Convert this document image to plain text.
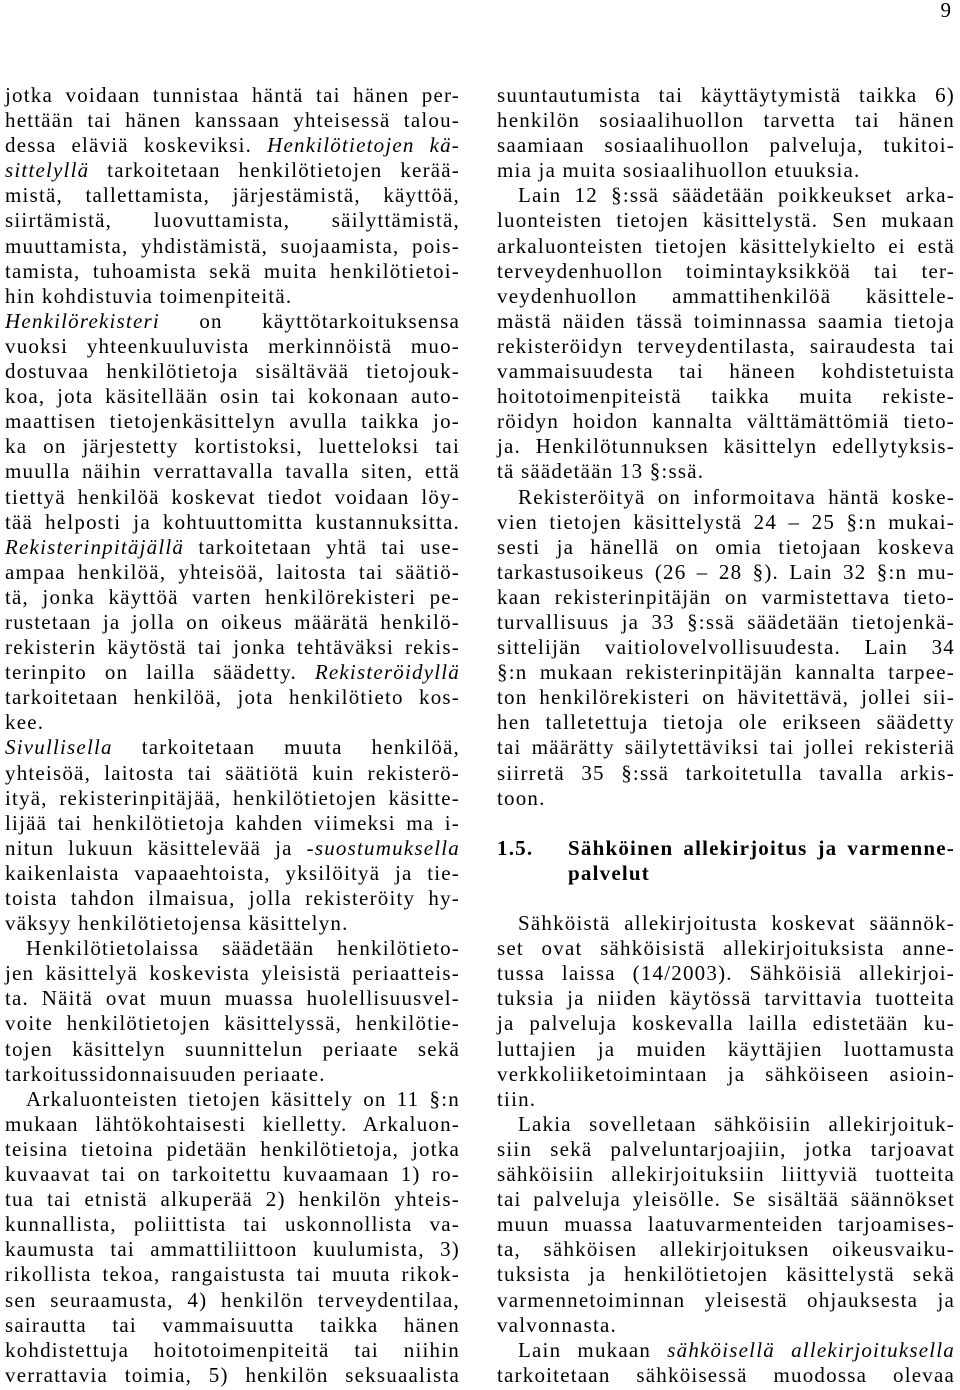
9
jotka voidaan tunnistaa häntä tai hänen per-
hettään tai hänen kanssaan yhteisessä talou-
dessa eläviä koskeviksi. Henkilötietojen kä-
sittelyllä tarkoitetaan henkilötietojen kerää-
mistä, tallettamista, järjestämistä, käyttöä,
siirtämistä, luovuttamista, säilyttämistä,
muuttamista, yhdistämistä, suojaamista, pois-
tamista, tuhoamista sekä muita henkilötietoi-
hin kohdistuvia toimenpiteitä.
Henkilörekisteri on käyttötarkoituksensa
vuoksi yhteenkuuluvista merkinnöistä muo-
dostuvaa henkilötietoja sisältävää tietojouk-
koa, jota käsitellään osin tai kokonaan auto-
maattisen tietojenkäsittelyn avulla taikka jo-
ka on järjestetty kortistoksi, luetteloksi tai
muulla näihin verrattavalla tavalla siten, että
tiettyä henkilöä koskevat tiedot voidaan löy-
tää helposti ja kohtuuttomitta kustannuksitta.
Rekisterinpitäjällä tarkoitetaan yhtä tai use-
ampaa henkilöä, yhteisöä, laitosta tai säätiö-
tä, jonka käyttöä varten henkilörekisteri pe-
rustetaan ja jolla on oikeus määrätä henkilö-
rekisterin käytöstä tai jonka tehtäväksi rekis-
terinpito on lailla säädetty. Rekisteröidyllä
tarkoitetaan henkilöä, jota henkilötieto kos-
kee.
Sivullisella tarkoitetaan muuta henkilöä,
yhteisöä, laitosta tai säätiötä kuin rekisterö-
ityä, rekisterinpitäjää, henkilötietojen käsitte-
lijää tai henkilötietoja kahden viimeksi ma i-
nitun lukuun käsittelevää ja -suostumuksella
kaikenlaista vapaaehtoista, yksilöityä ja tie-
toista tahdon ilmaisua, jolla rekisteröity hy-
väksyy henkilötietojensa käsittelyn.
Henkilötietolaissa säädetään henkilötieto-
jen käsittelyä koskevista yleisistä periaatteis-
ta. Näitä ovat muun muassa huolellisuusvel-
voite henkilötietojen käsittelyssä, henkilötie-
tojen käsittelyn suunnittelun periaate sekä
tarkoitussidonnaisuuden periaate.
Arkaluonteisten tietojen käsittely on 11 §:n
mukaan lähtökohtaisesti kielletty. Arkaluon-
teisina tietoina pidetään henkilötietoja, jotka
kuvaavat tai on tarkoitettu kuvaamaan 1) ro-
tua tai etnistä alkuperää 2) henkilön yhteis-
kunnallista, poliittista tai uskonnollista va-
kaumusta tai ammattiliittoon kuulumista, 3)
rikollista tekoa, rangaistusta tai muuta rikok-
sen seuraamusta, 4) henkilön terveydentilaa,
sairautta tai vammaisuutta taikka hänen
kohdistettuja hoitotoimenpiteitä tai niihin
verrattavia toimia, 5) henkilön seksuaalista
suuntautumista tai käyttäytymistä taikka 6)
henkilön sosiaalihuollon tarvetta tai hänen
saamiaan sosiaalihuollon palveluja, tukitoi-
mia ja muita sosiaalihuollon etuuksia.
Lain 12 §:ssä säädetään poikkeukset arka-
luonteisten tietojen käsittelystä. Sen mukaan
arkaluonteisten tietojen käsittelykielto ei estä
terveydenhuollon toimintayksikköä tai ter-
veydenhuollon ammattihenkilöä käsittele-
mästä näiden tässä toiminnassa saamia tietoja
rekisteröidyn terveydentilasta, sairaudesta tai
vammaisuudesta tai häneen kohdistetuista
hoitotoimenpiteistä taikka muita rekiste-
röidyn hoidon kannalta välttämättömiä tieto-
ja. Henkilötunnuksen käsittelyn edellytyksis-
tä säädetään 13 §:ssä.
Rekisteröityä on informoitava häntä koske-
vien tietojen käsittelystä 24 – 25 §:n mukai-
sesti ja hänellä on omia tietojaan koskeva
tarkastusoikeus (26 – 28 §). Lain 32 §:n mu-
kaan rekisterinpitäjän on varmistettava tieto-
turvallisuus ja 33 §:ssä säädetään tietojenkä-
sittelijän vaitiolovelvollisuudesta. Lain 34
§:n mukaan rekisterinpitäjän kannalta tarpee-
ton henkilörekisteri on hävitettävä, jollei sii-
hen talletettuja tietoja ole erikseen säädetty
tai määrätty säilytettäviksi tai jollei rekisteriä
siirretä 35 §:ssä tarkoitetulla tavalla arkis-
toon.
1.5. Sähköinen allekirjoitus ja varmenne-
palvelut
Sähköistä allekirjoitusta koskevat säännök-
set ovat sähköisistä allekirjoituksista anne-
tussa laissa (14/2003). Sähköisiä allekirjoi-
tuksia ja niiden käytössä tarvittavia tuotteita
ja palveluja koskevalla lailla edistetään ku-
luttajien ja muiden käyttäjien luottamusta
verkkoliiketoimintaan ja sähköiseen asioin-
tiin.
Lakia sovelletaan sähköisiin allekirjoituk-
siin sekä palveluntarjoajiin, jotka tarjoavat
sähköisiin allekirjoituksiin liittyviä tuotteita
tai palveluja yleisölle. Se sisältää säännökset
muun muassa laatuvarmenteiden tarjoamises-
ta, sähköisen allekirjoituksen oikeusvaiku-
tuksista ja henkilötietojen käsittelystä sekä
varmennetoiminnan yleisestä ohjauksesta ja
valvonnasta.
Lain mukaan sähköisellä allekirjoituksella
tarkoitetaan sähköisessä muodossa olevaa
